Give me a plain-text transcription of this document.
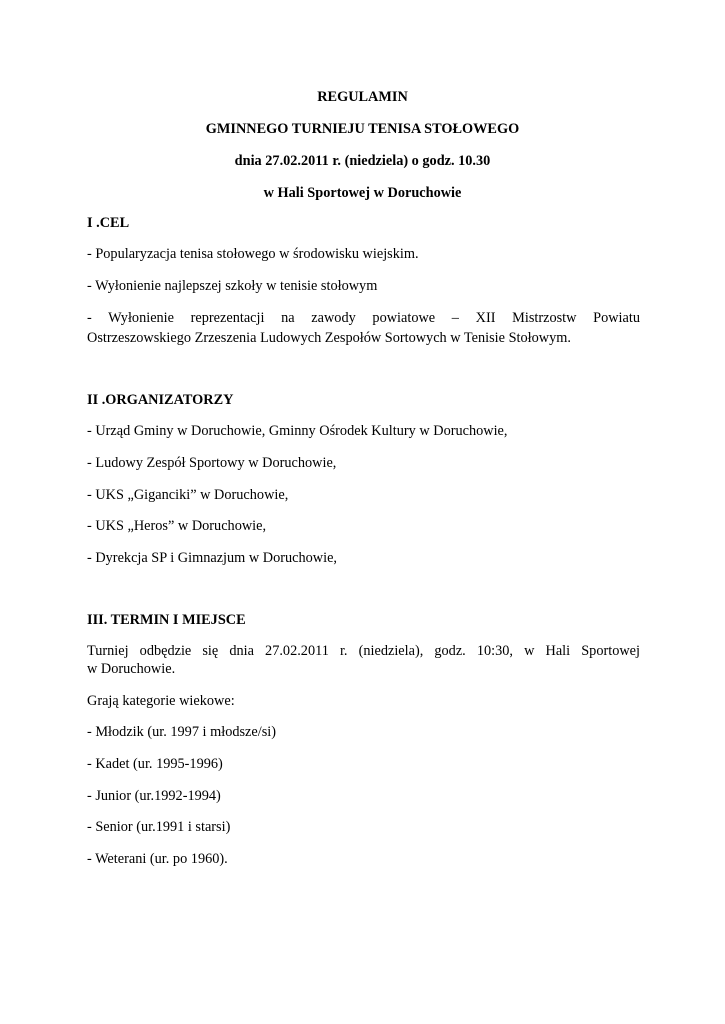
REGULAMIN
GMINNEGO TURNIEJU TENISA STOŁOWEGO
dnia 27.02.2011 r. (niedziela) o godz. 10.30
w Hali Sportowej w Doruchowie
I .CEL
- Popularyzacja tenisa stołowego w środowisku wiejskim.
- Wyłonienie najlepszej szkoły w tenisie stołowym
- Wyłonienie reprezentacji na zawody powiatowe – XII Mistrzostw Powiatu
Ostrzeszowskiego Zrzeszenia Ludowych Zespołów Sortowych w Tenisie Stołowym.
II .ORGANIZATORZY
- Urząd Gminy w Doruchowie, Gminny Ośrodek Kultury w Doruchowie,
- Ludowy Zespół Sportowy w Doruchowie,
- UKS „Giganciki” w Doruchowie,
- UKS „Heros” w Doruchowie,
- Dyrekcja SP i Gimnazjum w Doruchowie,
III. TERMIN I MIEJSCE
Turniej odbędzie się dnia 27.02.2011 r. (niedziela), godz. 10:30, w Hali Sportowej
w Doruchowie.
Grają kategorie wiekowe:
- Młodzik (ur. 1997 i młodsze/si)
- Kadet (ur. 1995-1996)
- Junior (ur.1992-1994)
- Senior (ur.1991 i starsi)
- Weterani (ur. po 1960).
